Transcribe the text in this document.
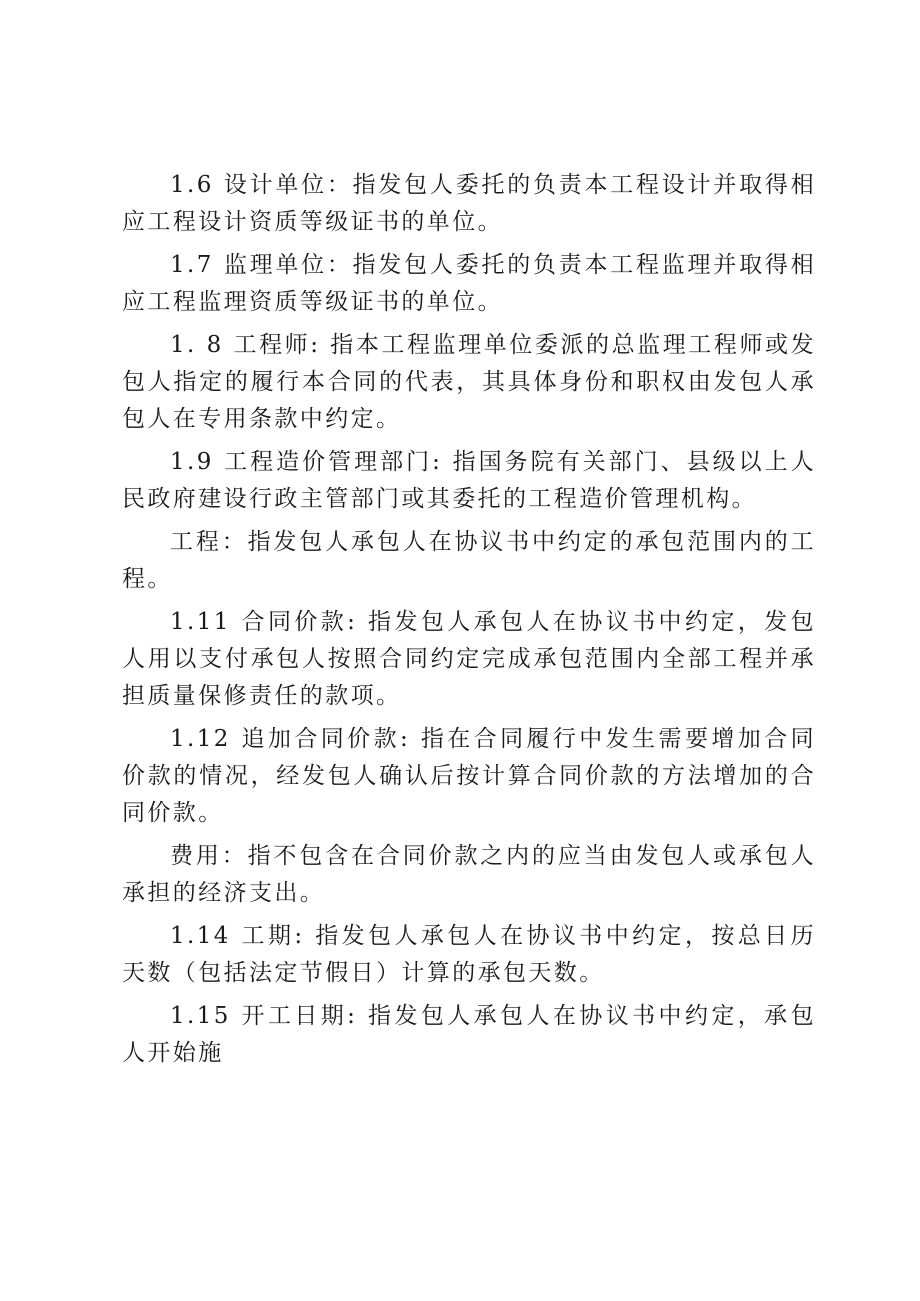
1.6 设计单位：指发包人委托的负责本工程设计并取得相应工程设计资质等级证书的单位。

1.7 监理单位：指发包人委托的负责本工程监理并取得相应工程监理资质等级证书的单位。

1. 8 工程师: 指本工程监理单位委派的总监理工程师或发包人指定的履行本合同的代表，其具体身份和职权由发包人承包人在专用条款中约定。

1.9 工程造价管理部门: 指国务院有关部门、县级以上人民政府建设行政主管部门或其委托的工程造价管理机构。

工程：指发包人承包人在协议书中约定的承包范围内的工程。

1.11 合同价款: 指发包人承包人在协议书中约定，发包人用以支付承包人按照合同约定完成承包范围内全部工程并承担质量保修责任的款项。

1.12 追加合同价款: 指在合同履行中发生需要增加合同价款的情况，经发包人确认后按计算合同价款的方法增加的合同价款。

费用：指不包含在合同价款之内的应当由发包人或承包人承担的经济支出。

1.14 工期: 指发包人承包人在协议书中约定，按总日历天数（包括法定节假日）计算的承包天数。

1.15 开工日期: 指发包人承包人在协议书中约定，承包人开始施
